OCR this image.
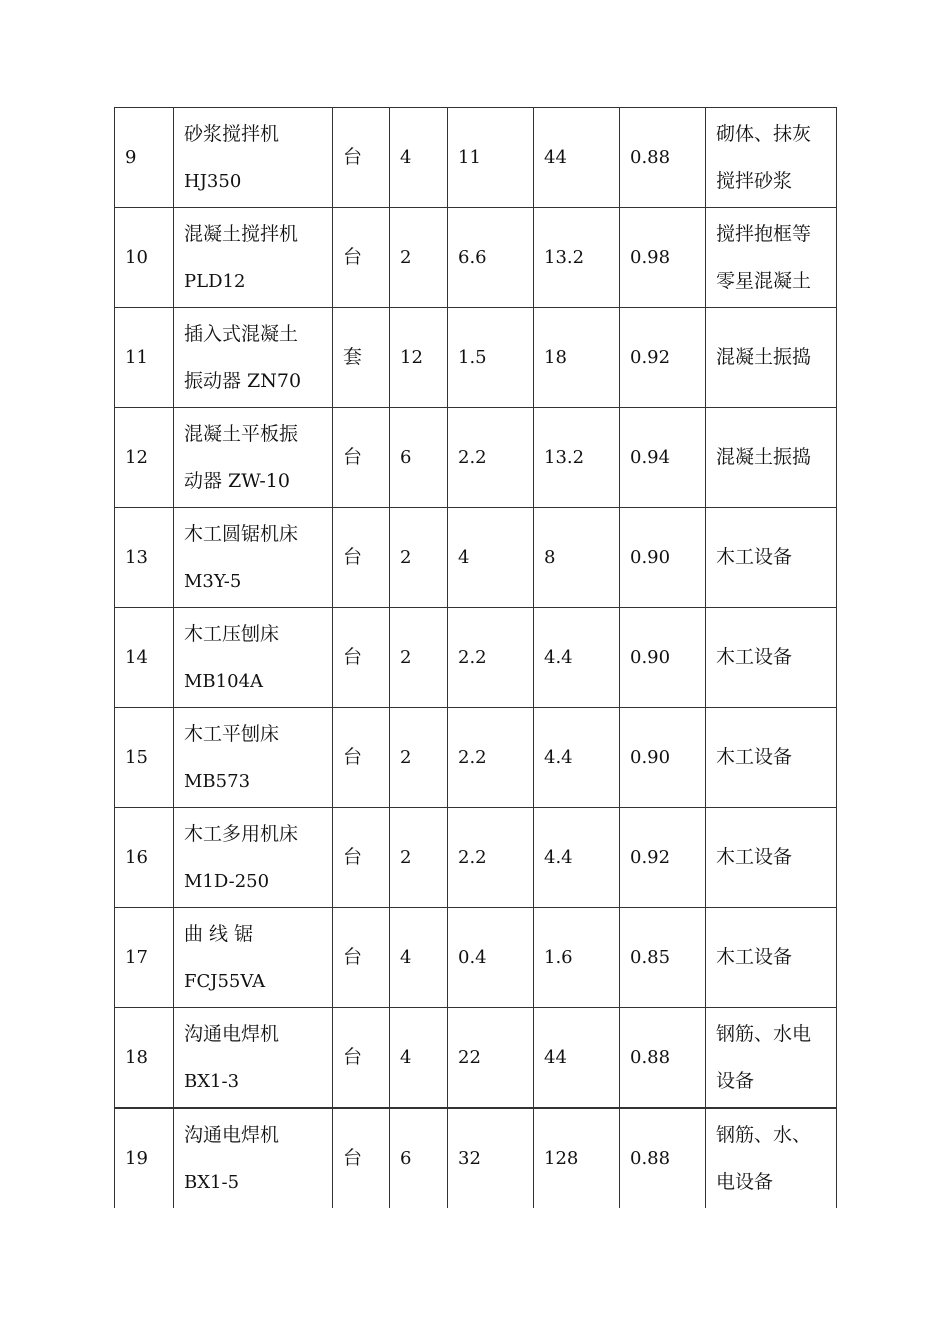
9	砂浆搅拌机
HJ350	台	4	11	44	0.88	砌体、抹灰
搅拌砂浆

10	混凝土搅拌机
PLD12	台	2	6.6	13.2	0.98	搅拌抱框等
零星混凝土

11	插入式混凝土
振动器 ZN70	套	12	1.5	18	0.92	混凝土振捣
12	混凝土平板振
动器 ZW-10	台	6	2.2	13.2	0.94	混凝土振捣
13	木工圆锯机床
M3Y-5	台	2	4	8	0.90	木工设备
14	木工压刨床
MB104A	台	2	2.2	4.4	0.90	木工设备
15	木工平刨床
MB573	台	2	2.2	4.4	0.90	木工设备
16	木工多用机床
M1D-250	台	2	2.2	4.4	0.92	木工设备
17	曲 线 锯
FCJ55VA	台	4	0.4	1.6	0.85	木工设备
18	沟通电焊机
BX1-3	台	4	22	44	0.88	钢筋、水电
设备

19	沟通电焊机
BX1-5	台	6	32	128	0.88	钢筋、水、
电设备
